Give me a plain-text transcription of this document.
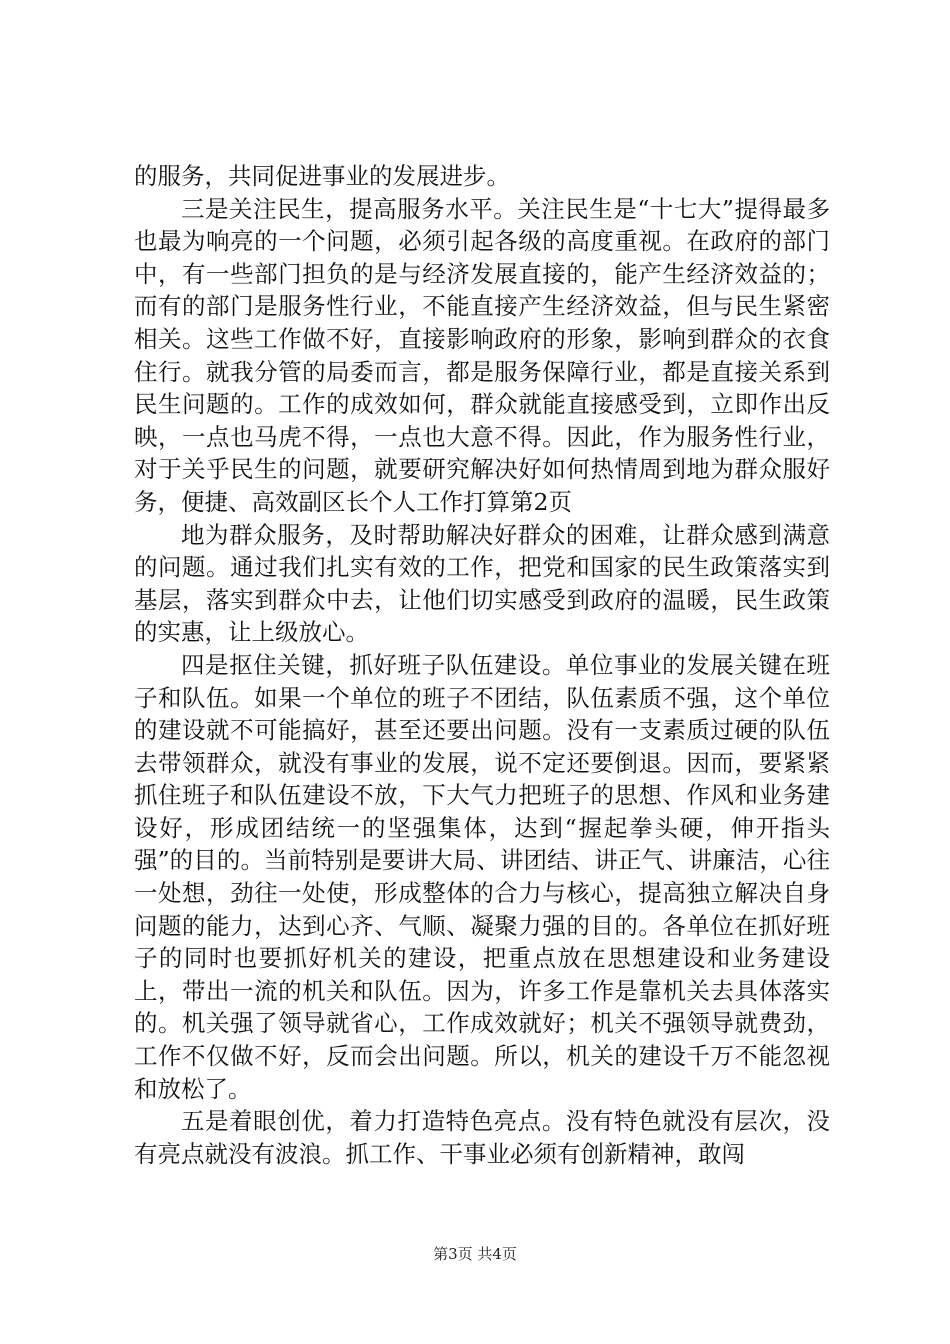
的服务，共同促进事业的发展进步。

三是关注民生，提高服务水平。关注民生是“十七大”提得最多也最为响亮的一个问题，必须引起各级的高度重视。在政府的部门中，有一些部门担负的是与经济发展直接的，能产生经济效益的；而有的部门是服务性行业，不能直接产生经济效益，但与民生紧密相关。这些工作做不好，直接影响政府的形象，影响到群众的衣食住行。就我分管的局委而言，都是服务保障行业，都是直接关系到民生问题的。工作的成效如何，群众就能直接感受到，立即作出反映，一点也马虎不得，一点也大意不得。因此，作为服务性行业，对于关乎民生的问题，就要研究解决好如何热情周到地为群众服好务，便捷、高效副区长个人工作打算第2页

地为群众服务，及时帮助解决好群众的困难，让群众感到满意的问题。通过我们扎实有效的工作，把党和国家的民生政策落实到基层，落实到群众中去，让他们切实感受到政府的温暖，民生政策的实惠，让上级放心。

四是抠住关键，抓好班子队伍建设。单位事业的发展关键在班子和队伍。如果一个单位的班子不团结，队伍素质不强，这个单位的建设就不可能搞好，甚至还要出问题。没有一支素质过硬的队伍去带领群众，就没有事业的发展，说不定还要倒退。因而，要紧紧抓住班子和队伍建设不放，下大气力把班子的思想、作风和业务建设好，形成团结统一的坚强集体，达到“握起拳头硬，伸开指头强”的目的。当前特别是要讲大局、讲团结、讲正气、讲廉洁，心往一处想，劲往一处使，形成整体的合力与核心，提高独立解决自身问题的能力，达到心齐、气顺、凝聚力强的目的。各单位在抓好班子的同时也要抓好机关的建设，把重点放在思想建设和业务建设上，带出一流的机关和队伍。因为，许多工作是靠机关去具体落实的。机关强了领导就省心，工作成效就好；机关不强领导就费劲，工作不仅做不好，反而会出问题。所以，机关的建设千万不能忽视和放松了。

五是着眼创优，着力打造特色亮点。没有特色就没有层次，没有亮点就没有波浪。抓工作、干事业必须有创新精神，敢闯

第3页 共4页
